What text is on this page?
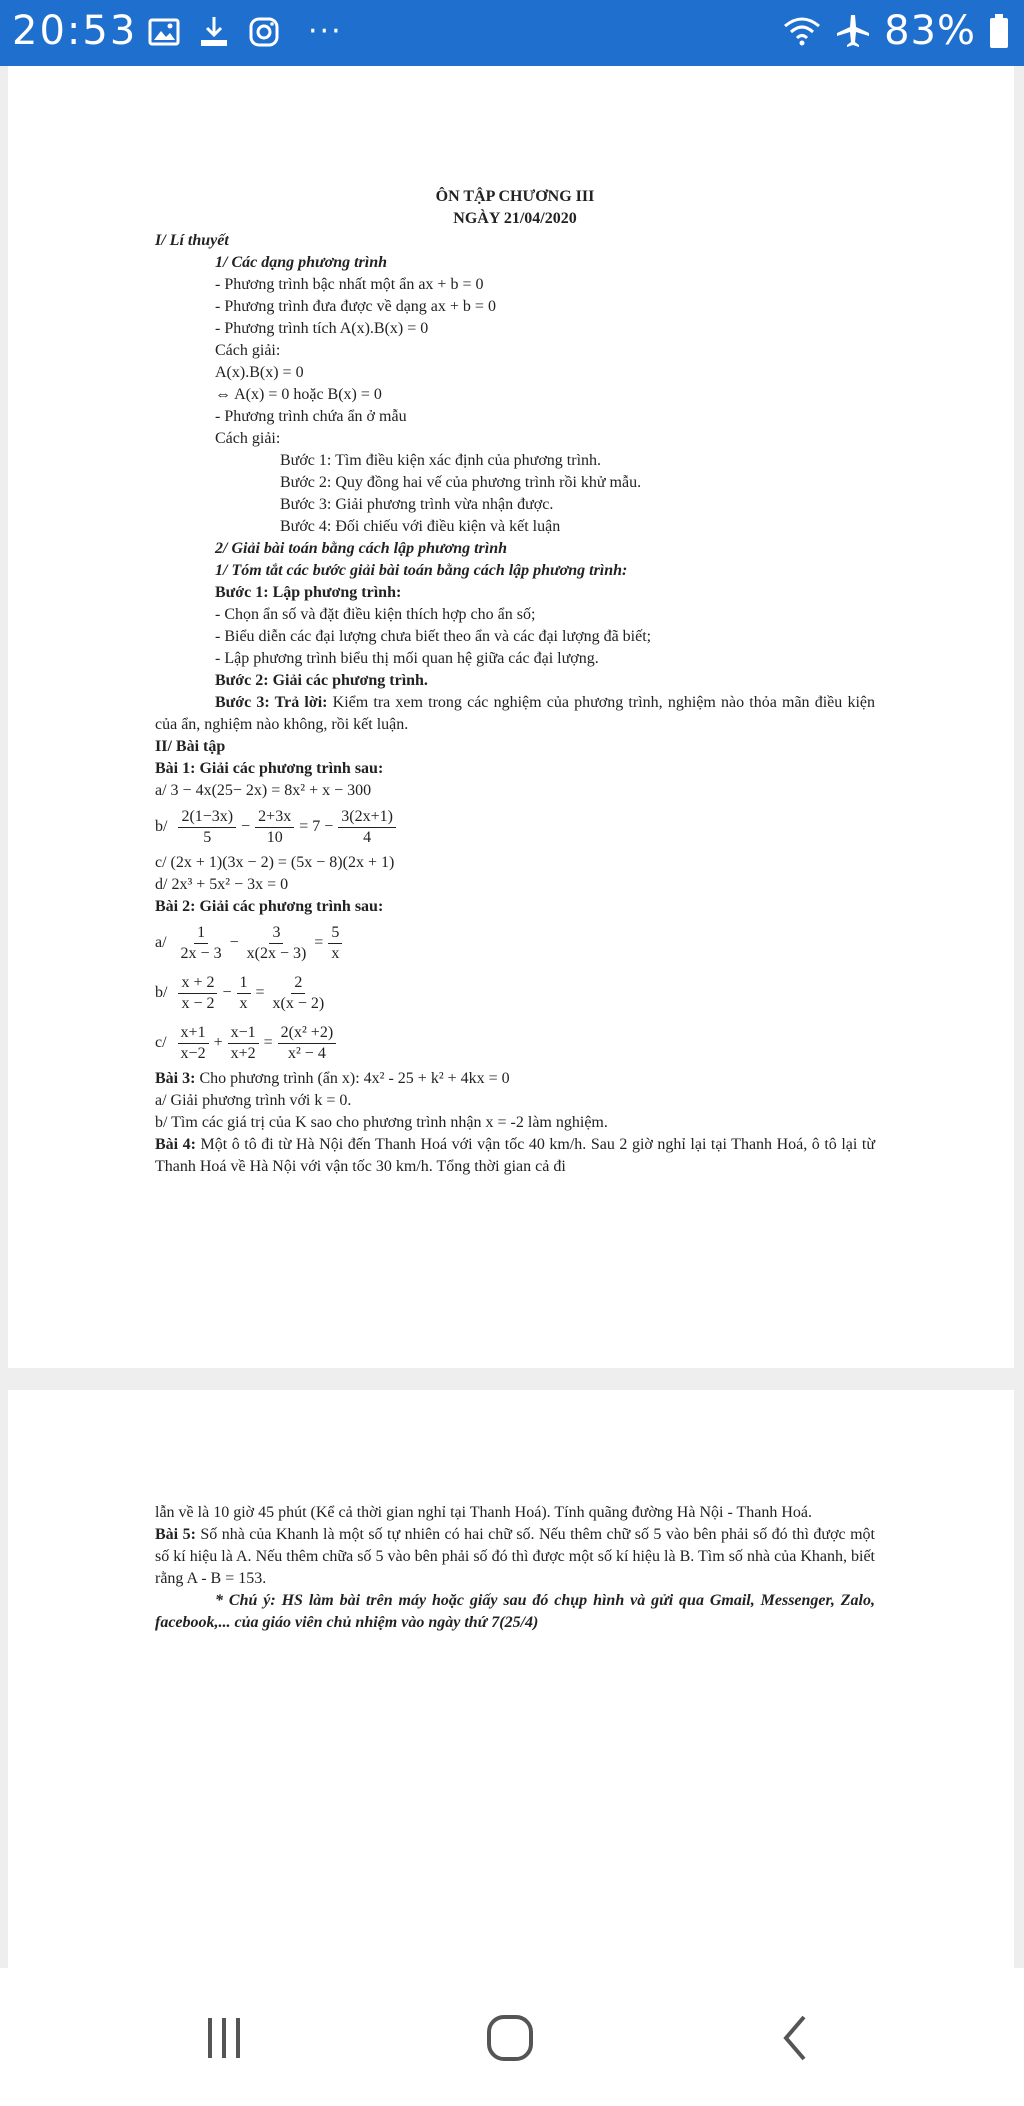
20:53	···	83%

ÔN TẬP CHƯƠNG III

NGÀY 21/04/2020

I/ Lí thuyết

1/ Các dạng phương trình

- Phương trình bậc nhất một ẩn ax + b = 0

- Phương trình đưa được về dạng ax + b = 0

- Phương trình tích A(x).B(x) = 0

Cách giải:

A(x).B(x) = 0

⇔ A(x) = 0 hoặc B(x) = 0

- Phương trình chứa ẩn ở mẫu

Cách giải:

Bước 1: Tìm điều kiện xác định của phương trình.

Bước 2: Quy đồng hai vế của phương trình rồi khử mẫu.

Bước 3: Giải phương trình vừa nhận được.

Bước 4: Đối chiếu với điều kiện và kết luận

2/ Giải bài toán bằng cách lập phương trình

1/ Tóm tắt các bước giải bài toán bằng cách lập phương trình:

Bước 1: Lập phương trình:

- Chọn ẩn số và đặt điều kiện thích hợp cho ẩn số;

- Biểu diễn các đại lượng chưa biết theo ẩn và các đại lượng đã biết;

- Lập phương trình biểu thị mối quan hệ giữa các đại lượng.

Bước 2: Giải các phương trình.

Bước 3: Trả lời: Kiểm tra xem trong các nghiệm của phương trình, nghiệm nào thỏa mãn điều kiện của ẩn, nghiệm nào không, rồi kết luận.

II/ Bài tập

Bài 1: Giải các phương trình sau:

a/ 3 − 4x(25− 2x) = 8x² + x − 300

$b/ \frac{2(1-3x)}{5} - \frac{2+3x}{10} = 7 - \frac{3(2x+1)}{4}$

c/ (2x + 1)(3x − 2) = (5x − 8)(2x + 1)

d/ 2x³ + 5x² − 3x = 0

Bài 2: Giải các phương trình sau:

$a/ \frac{1}{2x - 3} - \frac{3}{x(2x - 3)} = \frac{5}{x}$
$b/ \frac{x + 2}{x - 2} - \frac{1}{x} = \frac{2}{x(x - 2)}$
$c/ \frac{x+1}{x-2} + \frac{x-1}{x+2} = \frac{\text{2(x² +2)}}{\text{x² − 4}}$

Bài 3: Cho phương trình (ẩn x): 4x² - 25 + k² + 4kx = 0

a/ Giải phương trình với k = 0.

b/ Tìm các giá trị của K sao cho phương trình nhận x = -2 làm nghiệm.

Bài 4: Một ô tô đi từ Hà Nội đến Thanh Hoá với vận tốc 40 km/h. Sau 2 giờ nghỉ lại tại Thanh Hoá, ô tô lại từ Thanh Hoá về Hà Nội với vận tốc 30 km/h. Tổng thời gian cả đi

lẫn về là 10 giờ 45 phút (Kể cả thời gian nghỉ tại Thanh Hoá). Tính quãng đường Hà Nội - Thanh Hoá.

Bài 5: Số nhà của Khanh là một số tự nhiên có hai chữ số. Nếu thêm chữ số 5 vào bên phải số đó thì được một số kí hiệu là A. Nếu thêm chữa số 5 vào bên phải số đó thì được một số kí hiệu là B. Tìm số nhà của Khanh, biết rằng A - B = 153.

* Chú ý: HS làm bài trên máy hoặc giấy sau đó chụp hình và gửi qua Gmail, Messenger, Zalo, facebook,... của giáo viên chủ nhiệm vào ngày thứ 7(25/4)
